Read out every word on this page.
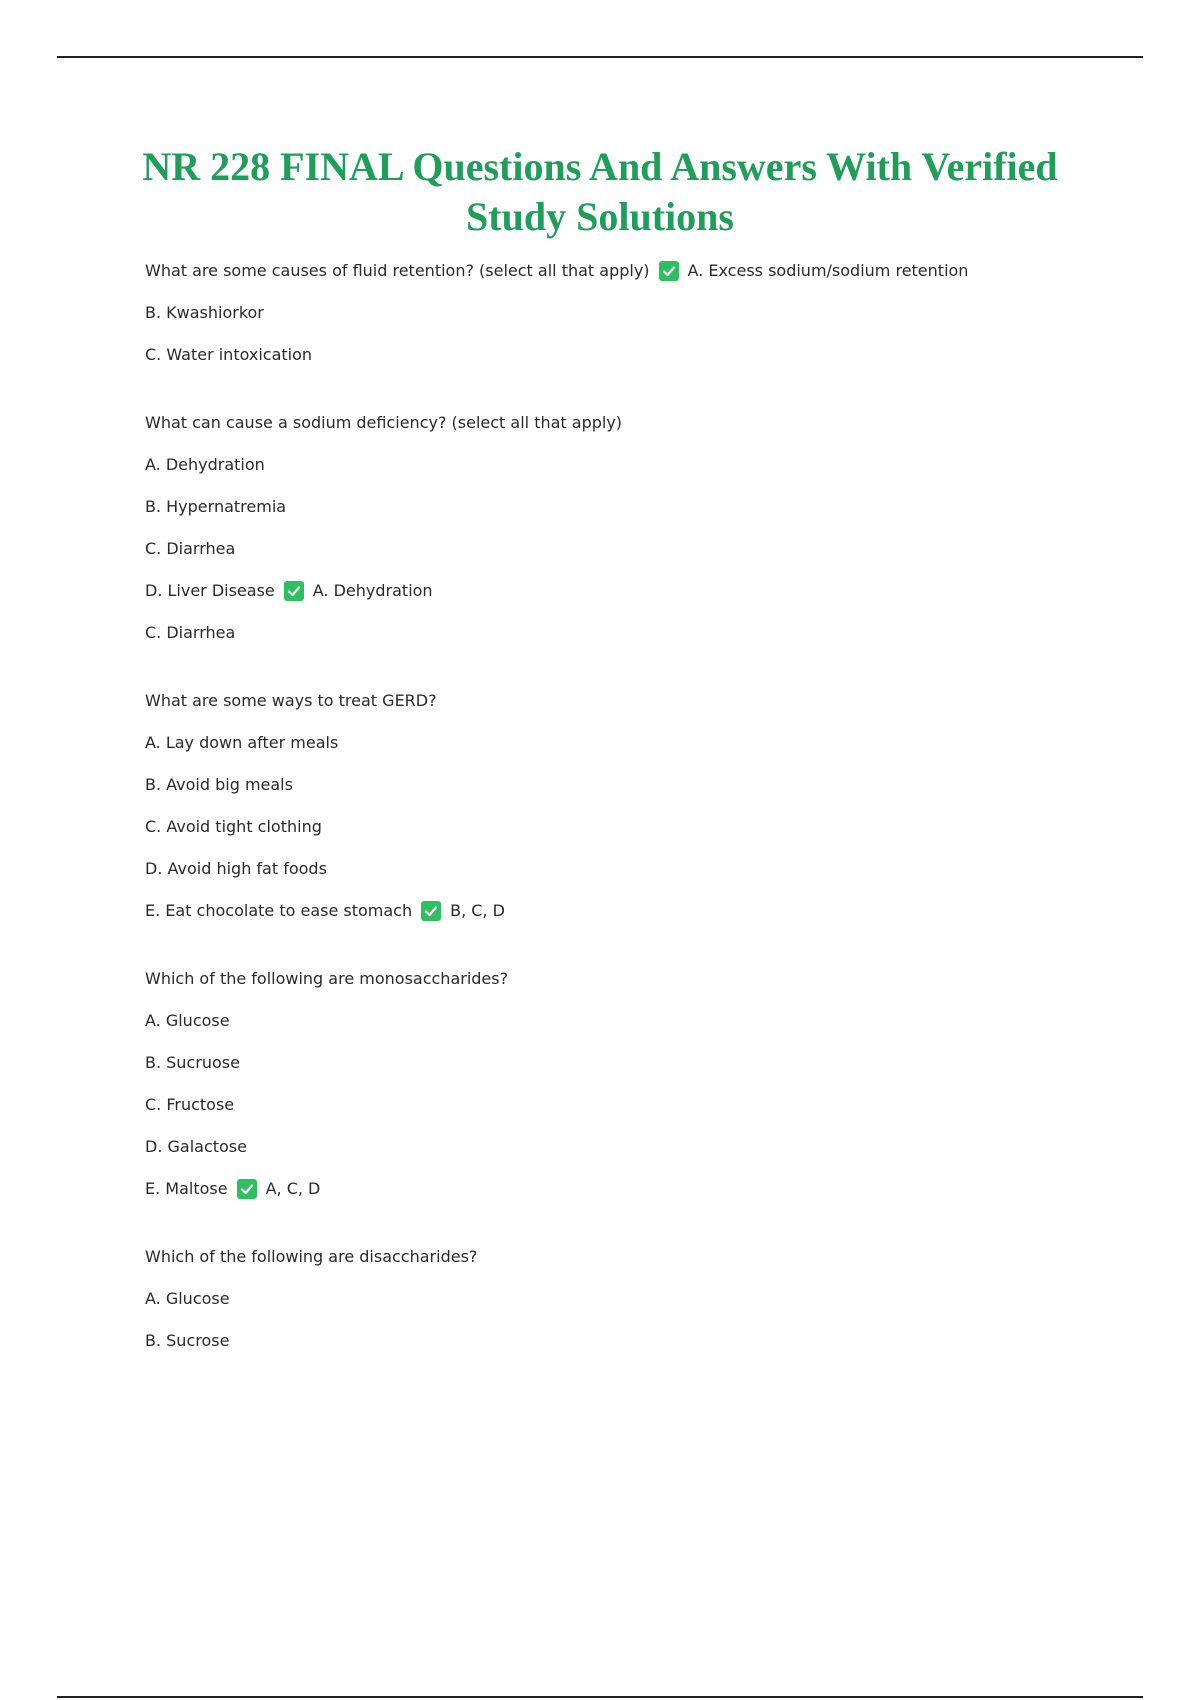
NR 228 FINAL Questions And Answers With Verified
Study Solutions
What are some causes of fluid retention? (select all that apply) A. Excess sodium/sodium retention
B. Kwashiorkor
C. Water intoxication
What can cause a sodium deficiency? (select all that apply)
A. Dehydration
B. Hypernatremia
C. Diarrhea
D. Liver Disease A. Dehydration
C. Diarrhea
What are some ways to treat GERD?
A. Lay down after meals
B. Avoid big meals
C. Avoid tight clothing
D. Avoid high fat foods
E. Eat chocolate to ease stomach B, C, D
Which of the following are monosaccharides?
A. Glucose
B. Sucruose
C. Fructose
D. Galactose
E. Maltose A, C, D
Which of the following are disaccharides?
A. Glucose
B. Sucrose
